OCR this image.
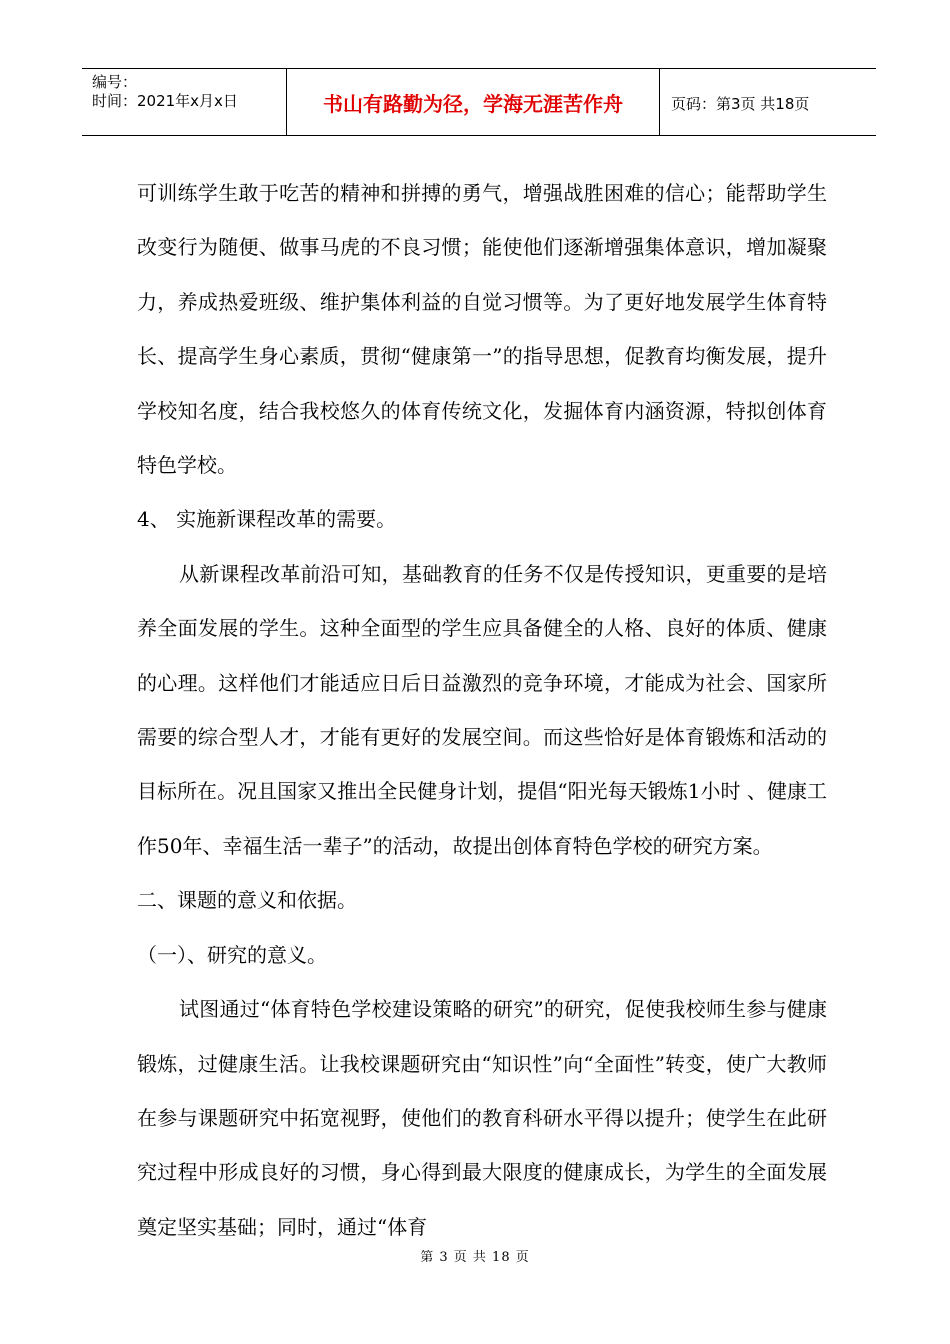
编号：
时间：2021年x月x日	书山有路勤为径，学海无涯苦作舟	页码：第3页 共18页

可训练学生敢于吃苦的精神和拼搏的勇气，增强战胜困难的信心；能帮助学生改变行为随便、做事马虎的不良习惯；能使他们逐渐增强集体意识，增加凝聚力，养成热爱班级、维护集体利益的自觉习惯等。为了更好地发展学生体育特长、提高学生身心素质，贯彻“健康第一”的指导思想，促教育均衡发展，提升学校知名度，结合我校悠久的体育传统文化，发掘体育内涵资源，特拟创体育特色学校。

4、 实施新课程改革的需要。

从新课程改革前沿可知，基础教育的任务不仅是传授知识，更重要的是培养全面发展的学生。这种全面型的学生应具备健全的人格、良好的体质、健康的心理。这样他们才能适应日后日益激烈的竞争环境，才能成为社会、国家所需要的综合型人才，才能有更好的发展空间。而这些恰好是体育锻炼和活动的目标所在。况且国家又推出全民健身计划，提倡“阳光每天锻炼1小时 、健康工作50年、幸福生活一辈子”的活动，故提出创体育特色学校的研究方案。

二、课题的意义和依据。

（一）、研究的意义。

试图通过“体育特色学校建设策略的研究”的研究，促使我校师生参与健康锻炼，过健康生活。让我校课题研究由“知识性”向“全面性”转变，使广大教师在参与课题研究中拓宽视野，使他们的教育科研水平得以提升；使学生在此研究过程中形成良好的习惯，身心得到最大限度的健康成长，为学生的全面发展奠定坚实基础；同时，通过“体育

第 3 页 共 18 页
